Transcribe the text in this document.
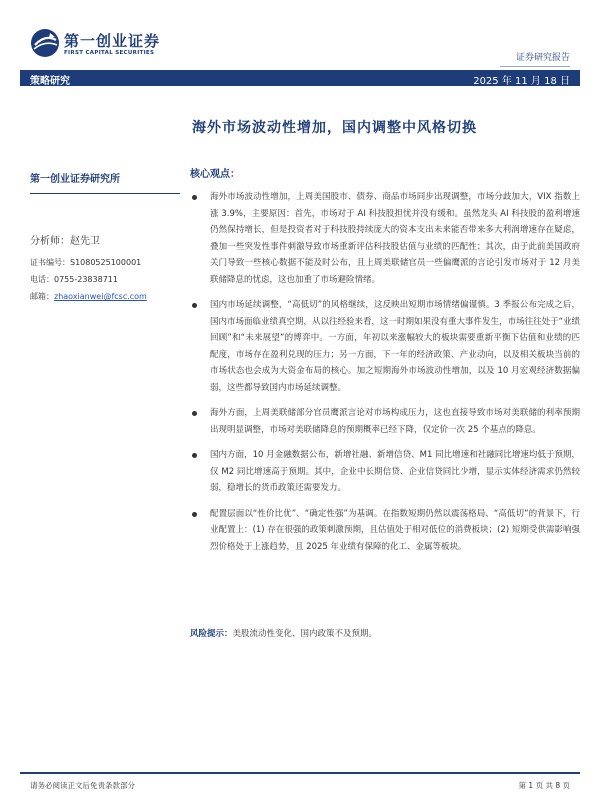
第一创业证券
FIRST CAPITAL SECURITIES	证券研究报告
策略研究	2025 年 11 月 18 日
海外市场波动性增加，国内调整中风格切换
第一创业证券研究所
分析师：赵先卫
证书编号：S1080525100001
电话：0755-23838711
邮箱：zhaoxianwei@fcsc.com
核心观点：
海外市场波动性增加，上周美国股市、债券、商品市场同步出现调整，市场分歧加大，VIX 指数上涨 3.9%，主要原因：首先，市场对于 AI 科技股担忧并没有缓和。虽然龙头 AI 科技股的盈利增速仍然保持增长，但是投资者对于科技股持续庞大的资本支出未来能否带来多大利润增速存在疑虑，叠加一些突发性事件刺激导致市场重新评估科技股估值与业绩的匹配性；其次，由于此前美国政府关门导致一些核心数据不能及时公布，且上周美联储官员一些偏鹰派的言论引发市场对于 12 月美联储降息的忧虑，这也加重了市场避险情绪。
国内市场延续调整，“高低切”的风格继续，这反映出短期市场情绪偏谨慎。3 季报公布完成之后，国内市场面临业绩真空期，从以往经验来看，这一时期如果没有重大事件发生，市场往往处于“业绩回顾”和“未来展望”的博弈中。一方面，年初以来涨幅较大的板块需要重新平衡下估值和业绩的匹配度，市场存在盈利兑现的压力；另一方面，下一年的经济政策、产业动向，以及相关板块当前的市场状态也会成为大资金布局的核心。加之短期海外市场波动性增加，以及 10 月宏观经济数据偏弱，这些都导致国内市场延续调整。
海外方面，上周美联储部分官员鹰派言论对市场构成压力，这也直接导致市场对美联储的利率预期出现明显调整，市场对美联储降息的预期概率已经下降，仅定价一次 25 个基点的降息。
国内方面，10 月金融数据公布，新增社融、新增信贷、M1 同比增速和社融同比增速均低于预期，仅 M2 同比增速高于预期。其中，企业中长期信贷、企业信贷同比少增，显示实体经济需求仍然较弱，稳增长的货币政策还需要发力。
配置层面以“性价比优”、“确定性强”为基调。在指数短期仍然以震荡格局、“高低切”的背景下，行业配置上：(1) 存在很强的政策刺激预期，且估值处于相对低位的消费板块；(2) 短期受供需影响强烈价格处于上涨趋势，且 2025 年业绩有保障的化工、金属等板块。
风险提示：美股流动性变化、国内政策不及预期。
请务必阅读正文后免责条款部分	第 1 页 共 8 页
